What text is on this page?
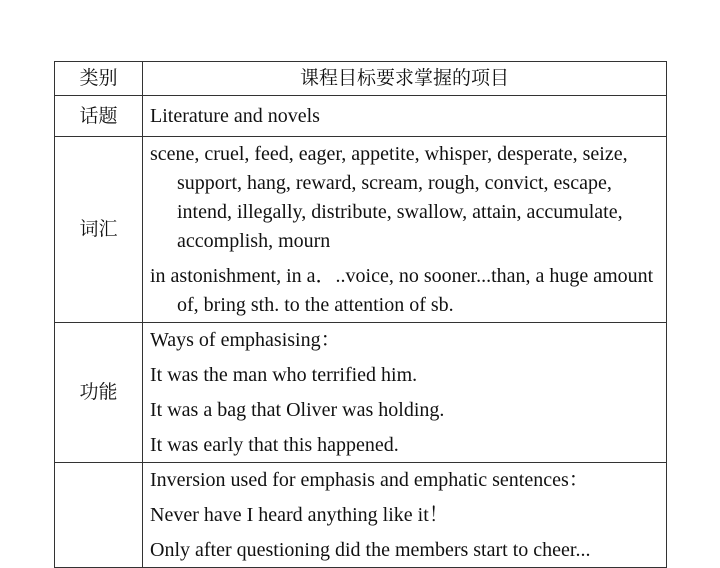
类别	课程目标要求掌握的项目
话题	Literature and novels
词汇	scene, cruel, feed, eager, appetite, whisper, desperate, seize, support, hang, reward, scream, rough, convict, escape, intend, illegally, distribute, swallow, attain, accumulate, accomplish, mourn

in astonishment, in a．..voice, no sooner...than, a huge amount of, bring sth. to the attention of sb.

功能	Ways of emphasising：

It was the man who terrified him.

It was a bag that Oliver was holding.

It was early that this happened.

	Inversion used for emphasis and emphatic sentences：

Never have I heard anything like it！

Only after questioning did the members start to cheer...
